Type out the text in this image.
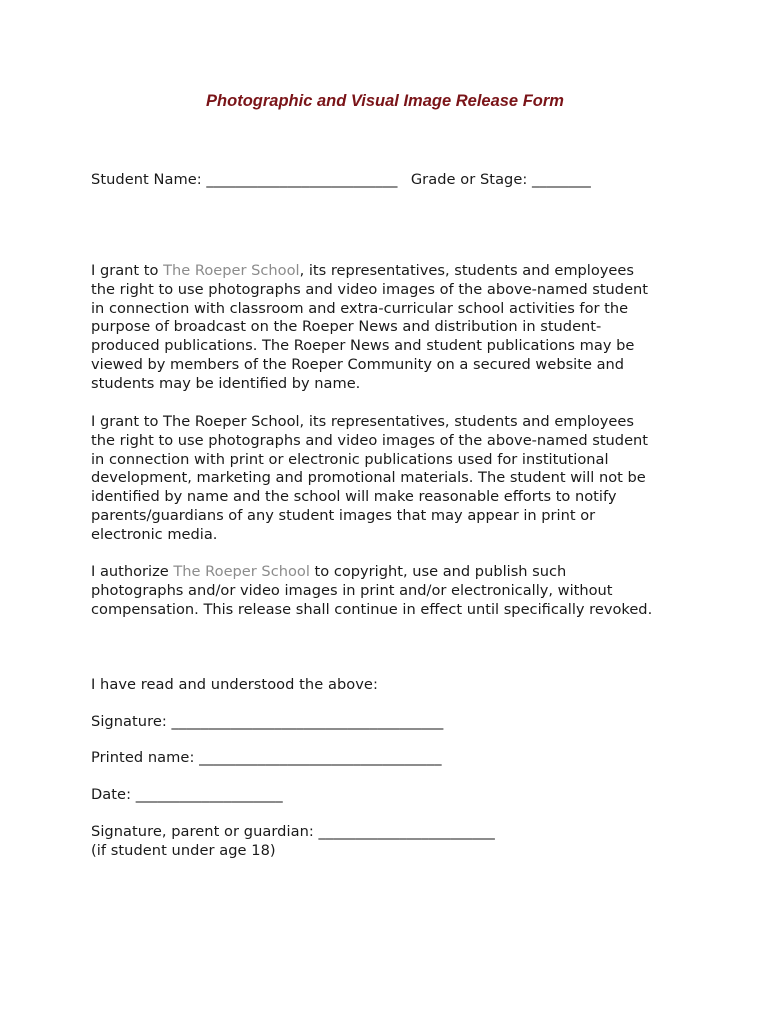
Photographic and Visual Image Release Form
Student Name: __________________________ Grade or Stage: ________
I grant to The Roeper School, its representatives, students and employees
the right to use photographs and video images of the above-named student
in connection with classroom and extra-curricular school activities for the
purpose of broadcast on the Roeper News and distribution in student-
produced publications. The Roeper News and student publications may be
viewed by members of the Roeper Community on a secured website and
students may be identified by name.
I grant to The Roeper School, its representatives, students and employees
the right to use photographs and video images of the above-named student
in connection with print or electronic publications used for institutional
development, marketing and promotional materials. The student will not be
identified by name and the school will make reasonable efforts to notify
parents/guardians of any student images that may appear in print or
electronic media.
I authorize The Roeper School to copyright, use and publish such
photographs and/or video images in print and/or electronically, without
compensation. This release shall continue in effect until specifically revoked.
I have read and understood the above:
Signature: _____________________________________
Printed name: _________________________________
Date: ____________________
Signature, parent or guardian: ________________________
(if student under age 18)
